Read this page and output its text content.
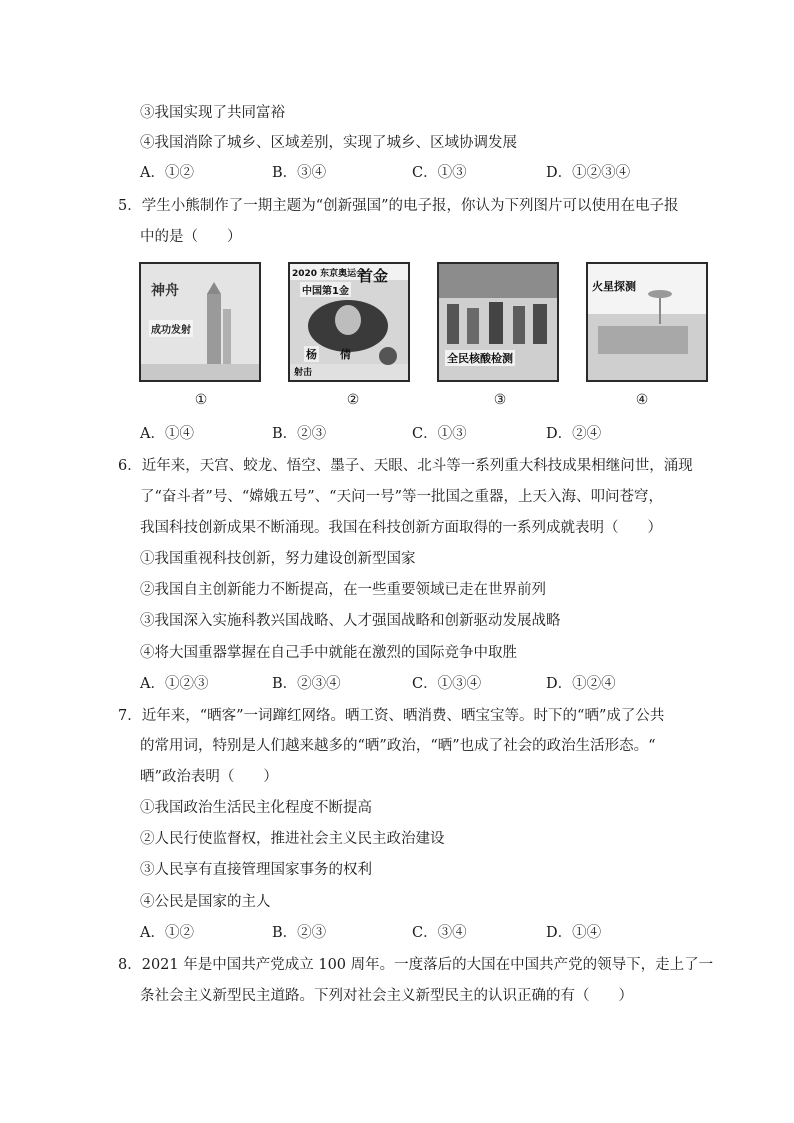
③我国实现了共同富裕
④我国消除了城乡、区域差别，实现了城乡、区域协调发展
A．①②	B．③④	C．①③	D．①②③④
5．学生小熊制作了一期主题为“创新强国”的电子报，你认为下列图片可以使用在电子报
中的是（　　）
神舟
成功发射
①
2020 东京奥运会
首金
中国第1金
杨 倩
射击
②
全民核酸检测
③
火星探测
④
A．①④	B．②③	C．①③	D．②④
6．近年来，天宫、蛟龙、悟空、墨子、天眼、北斗等一系列重大科技成果相继问世，涌现
了“奋斗者”号、“嫦娥五号”、“天问一号”等一批国之重器，上天入海、叩问苍穹，
我国科技创新成果不断涌现。我国在科技创新方面取得的一系列成就表明（　　）
①我国重视科技创新，努力建设创新型国家
②我国自主创新能力不断提高，在一些重要领域已走在世界前列
③我国深入实施科教兴国战略、人才强国战略和创新驱动发展战略
④将大国重器掌握在自己手中就能在激烈的国际竞争中取胜
A．①②③	B．②③④	C．①③④	D．①②④
7．近年来，“晒客”一词蹿红网络。晒工资、晒消费、晒宝宝等。时下的“晒”成了公共
的常用词，特别是人们越来越多的“晒”政治，“晒”也成了社会的政治生活形态。“
晒”政治表明（　　）
①我国政治生活民主化程度不断提高
②人民行使监督权，推进社会主义民主政治建设
③人民享有直接管理国家事务的权利
④公民是国家的主人
A．①②	B．②③	C．③④	D．①④
8．2021 年是中国共产党成立 100 周年。一度落后的大国在中国共产党的领导下，走上了一
条社会主义新型民主道路。下列对社会主义新型民主的认识正确的有（　　）
